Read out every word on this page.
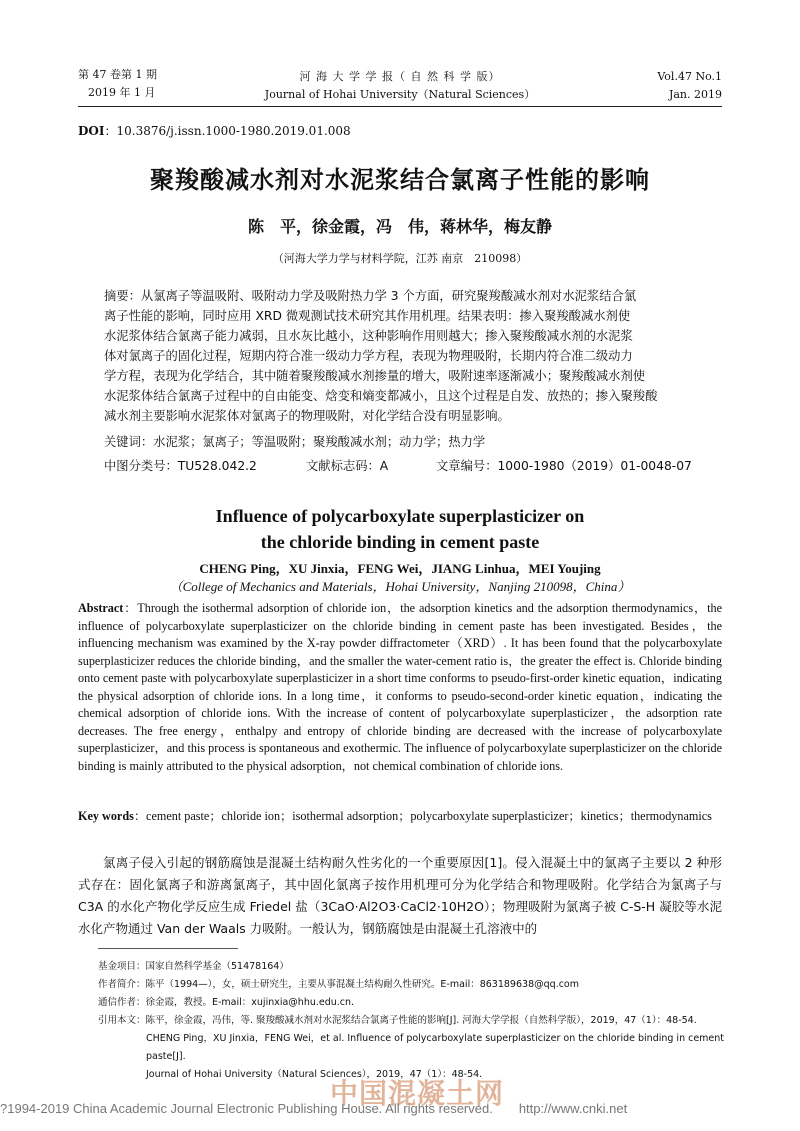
第 47 卷第 1 期
2019 年 1 月
河 海 大 学 学 报（ 自 然 科 学 版）
Journal of Hohai University（Natural Sciences）
Vol.47 No.1
Jan. 2019
DOI：10.3876/j.issn.1000-1980.2019.01.008
聚羧酸减水剂对水泥浆结合氯离子性能的影响
陈　平，徐金霞，冯　伟，蒋林华，梅友静
（河海大学力学与材料学院，江苏 南京　210098）
摘要：从氯离子等温吸附、吸附动力学及吸附热力学 3 个方面，研究聚羧酸减水剂对水泥浆结合氯
离子性能的影响，同时应用 XRD 微观测试技术研究其作用机理。结果表明：掺入聚羧酸减水剂使
水泥浆体结合氯离子能力减弱，且水灰比越小，这种影响作用则越大；掺入聚羧酸减水剂的水泥浆
体对氯离子的固化过程，短期内符合准一级动力学方程，表现为物理吸附，长期内符合准二级动力
学方程，表现为化学结合，其中随着聚羧酸减水剂掺量的增大，吸附速率逐渐减小；聚羧酸减水剂使
水泥浆体结合氯离子过程中的自由能变、焓变和熵变都减小，且这个过程是自发、放热的；掺入聚羧酸
减水剂主要影响水泥浆体对氯离子的物理吸附，对化学结合没有明显影响。
关键词：水泥浆；氯离子；等温吸附；聚羧酸减水剂；动力学；热力学
中图分类号：TU528.042.2	文献标志码：A	文章编号：1000-1980（2019）01-0048-07
Influence of polycarboxylate superplasticizer on
the chloride binding in cement paste
CHENG Ping，XU Jinxia，FENG Wei，JIANG Linhua，MEI Youjing
（College of Mechanics and Materials，Hohai University，Nanjing 210098，China）
Abstract：Through the isothermal adsorption of chloride ion，the adsorption kinetics and the adsorption thermodynamics，the influence of polycarboxylate superplasticizer on the chloride binding in cement paste has been investigated. Besides，the influencing mechanism was examined by the X-ray powder diffractometer（XRD）. It has been found that the polycarboxylate superplasticizer reduces the chloride binding，and the smaller the water-cement ratio is，the greater the effect is. Chloride binding onto cement paste with polycarboxylate superplasticizer in a short time conforms to pseudo-first-order kinetic equation，indicating the physical adsorption of chloride ions. In a long time，it conforms to pseudo-second-order kinetic equation，indicating the chemical adsorption of chloride ions. With the increase of content of polycarboxylate superplasticizer，the adsorption rate decreases. The free energy，enthalpy and entropy of chloride binding are decreased with the increase of polycarboxylate superplasticizer，and this process is spontaneous and exothermic. The influence of polycarboxylate superplasticizer on the chloride binding is mainly attributed to the physical adsorption，not chemical combination of chloride ions.
Key words：cement paste；chloride ion；isothermal adsorption；polycarboxylate superplasticizer；kinetics；thermodynamics
氯离子侵入引起的钢筋腐蚀是混凝土结构耐久性劣化的一个重要原因[1]。侵入混凝土中的氯离子主要以 2 种形式存在：固化氯离子和游离氯离子，其中固化氯离子按作用机理可分为化学结合和物理吸附。化学结合为氯离子与 C3A 的水化产物化学反应生成 Friedel 盐（3CaO·Al2O3·CaCl2·10H2O）；物理吸附为氯离子被 C-S-H 凝胶等水泥水化产物通过 Van der Waals 力吸附。一般认为，钢筋腐蚀是由混凝土孔溶液中的
基金项目：国家自然科学基金（51478164）
作者简介：陈平（1994—），女，硕士研究生，主要从事混凝土结构耐久性研究。E-mail：863189638@qq.com
通信作者：徐金霞，教授。E-mail：xujinxia@hhu.edu.cn.
引用本文：陈平，徐金霞，冯伟，等. 聚羧酸减水剂对水泥浆结合氯离子性能的影响[J]. 河海大学学报（自然科学版），2019，47（1）：48-54.
CHENG Ping，XU Jinxia，FENG Wei，et al. Influence of polycarboxylate superplasticizer on the chloride binding in cement paste[J].
Journal of Hohai University（Natural Sciences），2019，47（1）：48-54.
中国混凝土网
?1994-2019 China Academic Journal Electronic Publishing House. All rights reserved.　　http://www.cnki.net
